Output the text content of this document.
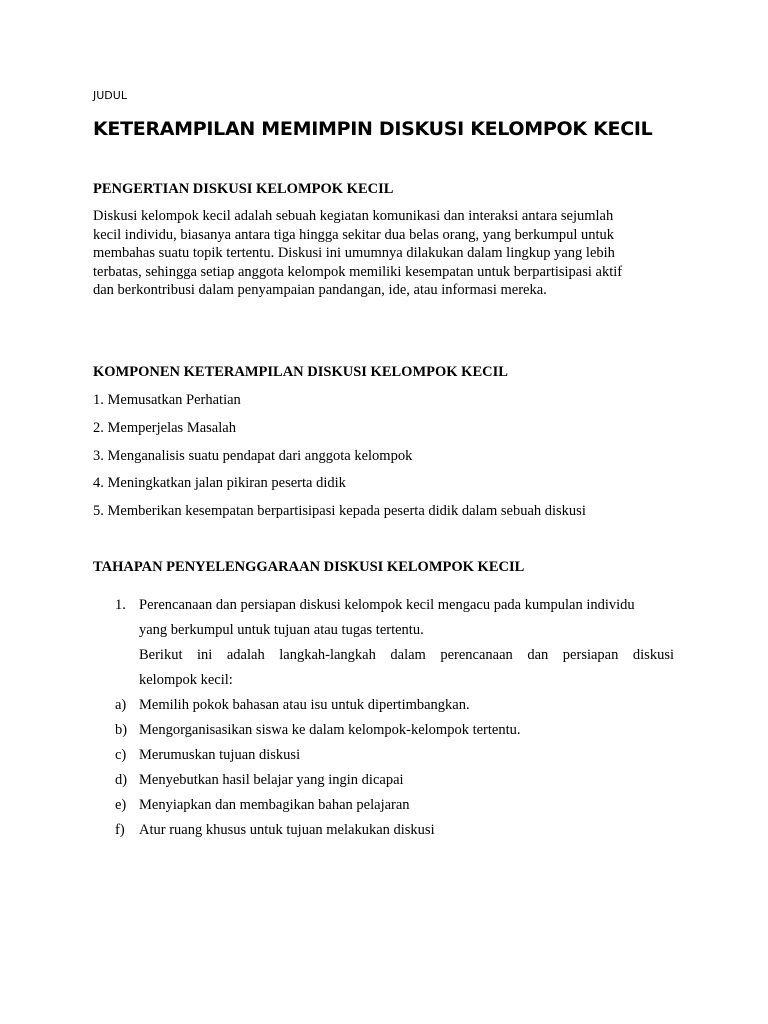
JUDUL
KETERAMPILAN MEMIMPIN DISKUSI KELOMPOK KECIL
PENGERTIAN DISKUSI KELOMPOK KECIL
Diskusi kelompok kecil adalah sebuah kegiatan komunikasi dan interaksi antara sejumlah
kecil individu, biasanya antara tiga hingga sekitar dua belas orang, yang berkumpul untuk
membahas suatu topik tertentu. Diskusi ini umumnya dilakukan dalam lingkup yang lebih
terbatas, sehingga setiap anggota kelompok memiliki kesempatan untuk berpartisipasi aktif
dan berkontribusi dalam penyampaian pandangan, ide, atau informasi mereka.
KOMPONEN KETERAMPILAN DISKUSI KELOMPOK KECIL
1. Memusatkan Perhatian
2. Memperjelas Masalah
3. Menganalisis suatu pendapat dari anggota kelompok
4. Meningkatkan jalan pikiran peserta didik
5. Memberikan kesempatan berpartisipasi kepada peserta didik dalam sebuah diskusi
TAHAPAN PENYELENGGARAAN DISKUSI KELOMPOK KECIL
1. Perencanaan dan persiapan diskusi kelompok kecil mengacu pada kumpulan individu
yang berkumpul untuk tujuan atau tugas tertentu.
Berikut ini adalah langkah-langkah dalam perencanaan dan persiapan diskusi
kelompok kecil:
a) Memilih pokok bahasan atau isu untuk dipertimbangkan.
b) Mengorganisasikan siswa ke dalam kelompok-kelompok tertentu.
c) Merumuskan tujuan diskusi
d) Menyebutkan hasil belajar yang ingin dicapai
e) Menyiapkan dan membagikan bahan pelajaran
f) Atur ruang khusus untuk tujuan melakukan diskusi
